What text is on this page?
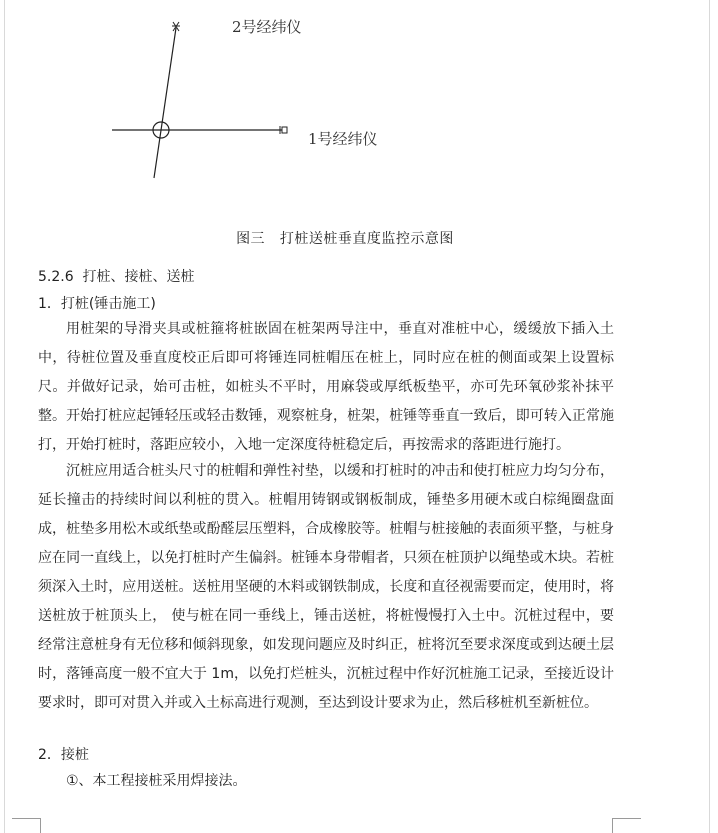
2号经纬仪
1号经纬仪
图三   打桩送桩垂直度监控示意图
5.2.6  打桩、接桩、送桩
1．打桩(锤击施工)

用桩架的导滑夹具或桩箍将桩嵌固在桩架两导注中，垂直对准桩中心，缓缓放下插入土中，待桩位置及垂直度校正后即可将锤连同桩帽压在桩上，同时应在桩的侧面或架上设置标尺。并做好记录，始可击桩，如桩头不平时，用麻袋或厚纸板垫平，亦可先环氧砂浆补抹平整。开始打桩应起锤轻压或轻击数锤，观察桩身，桩架，桩锤等垂直一致后，即可转入正常施打，开始打桩时，落距应较小，入地一定深度待桩稳定后，再按需求的落距进行施打。

沉桩应用适合桩头尺寸的桩帽和弹性衬垫，以缓和打桩时的冲击和使打桩应力均匀分布，延长撞击的持续时间以利桩的贯入。桩帽用铸钢或钢板制成，锤垫多用硬木或白棕绳圈盘面成，桩垫多用松木或纸垫或酚醛层压塑料，合成橡胶等。桩帽与桩接触的表面须平整，与桩身应在同一直线上，以免打桩时产生偏斜。桩锤本身带帽者，只须在桩顶护以绳垫或木块。若桩须深入土时，应用送桩。送桩用坚硬的木料或钢铁制成，长度和直径视需要而定，使用时，将送桩放于桩顶头上， 使与桩在同一垂线上，锤击送桩，将桩慢慢打入土中。沉桩过程中，要经常注意桩身有无位移和倾斜现象，如发现问题应及时纠正，桩将沉至要求深度或到达硬土层时，落锤高度一般不宜大于 1m，以免打烂桩头，沉桩过程中作好沉桩施工记录，至接近设计要求时，即可对贯入并或入土标高进行观测，至达到设计要求为止，然后移桩机至新桩位。

2．接桩

①、本工程接桩采用焊接法。
